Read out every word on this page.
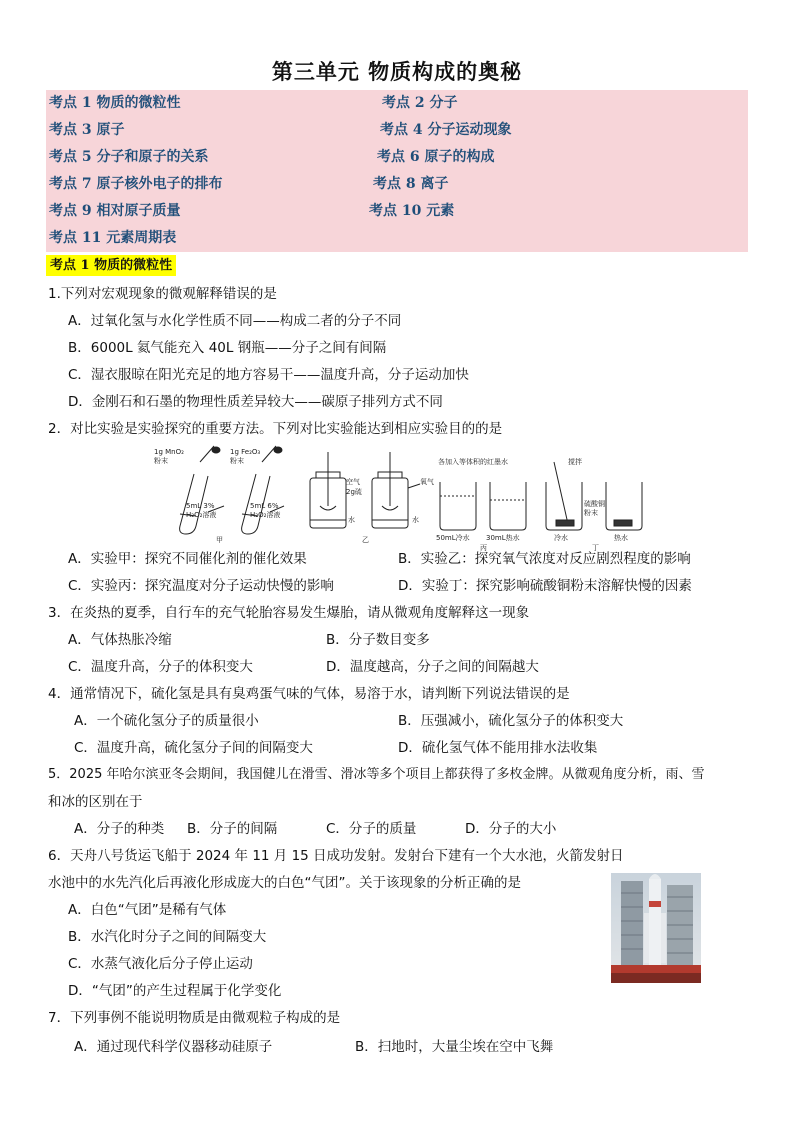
第三单元 物质构成的奥秘
考点 1 物质的微粒性	考点 2 分子
考点 3 原子	考点 4 分子运动现象
考点 5 分子和原子的关系	考点 6 原子的构成
考点 7 原子核外电子的排布	考点 8 离子
考点 9 相对原子质量	考点 10 元素
考点 11 元素周期表
考点 1 物质的微粒性
1.下列对宏观现象的微观解释错误的是
A．过氧化氢与水化学性质不同——构成二者的分子不同
B．6000L 氦气能充入 40L 钢瓶——分子之间有间隔
C．湿衣服晾在阳光充足的地方容易干——温度升高，分子运动加快
D．金刚石和石墨的物理性质差异较大——碳原子排列方式不同
2．对比实验是实验探究的重要方法。下列对比实验能达到相应实验目的的是
1g MnO₂
粉末
1g Fe₂O₃
粉末
5mL 3%
H₂O₂溶液
5mL 6%
H₂O₂溶液
甲
空气
2g硫
氧气
水	水
乙
各加入等体积的红墨水
50mL冷水 30mL热水
丙
搅拌
硫酸铜
粉末
冷水	热水
丁
A．实验甲：探究不同催化剂的催化效果	B．实验乙：探究氧气浓度对反应剧烈程度的影响
C．实验丙：探究温度对分子运动快慢的影响	D．实验丁：探究影响硫酸铜粉末溶解快慢的因素
3．在炎热的夏季，自行车的充气轮胎容易发生爆胎，请从微观角度解释这一现象
A．气体热胀冷缩	B．分子数目变多
C．温度升高，分子的体积变大	D．温度越高，分子之间的间隔越大
4．通常情况下，硫化氢是具有臭鸡蛋气味的气体，易溶于水，请判断下列说法错误的是
A．一个硫化氢分子的质量很小	B．压强减小，硫化氢分子的体积变大
C．温度升高，硫化氢分子间的间隔变大	D．硫化氢气体不能用排水法收集
5．2025 年哈尔滨亚冬会期间，我国健儿在滑雪、滑冰等多个项目上都获得了多枚金牌。从微观角度分析，雨、雪
和冰的区别在于
A．分子的种类 B．分子的间隔	C．分子的质量	D．分子的大小
6．天舟八号货运飞船于 2024 年 11 月 15 日成功发射。发射台下建有一个大水池，火箭发射日
水池中的水先汽化后再液化形成庞大的白色“气团”。关于该现象的分析正确的是
A．白色“气团”是稀有气体
B．水汽化时分子之间的间隔变大
C．水蒸气液化后分子停止运动
D．“气团”的产生过程属于化学变化
7．下列事例不能说明物质是由微观粒子构成的是
A．通过现代科学仪器移动硅原子	B．扫地时，大量尘埃在空中飞舞
